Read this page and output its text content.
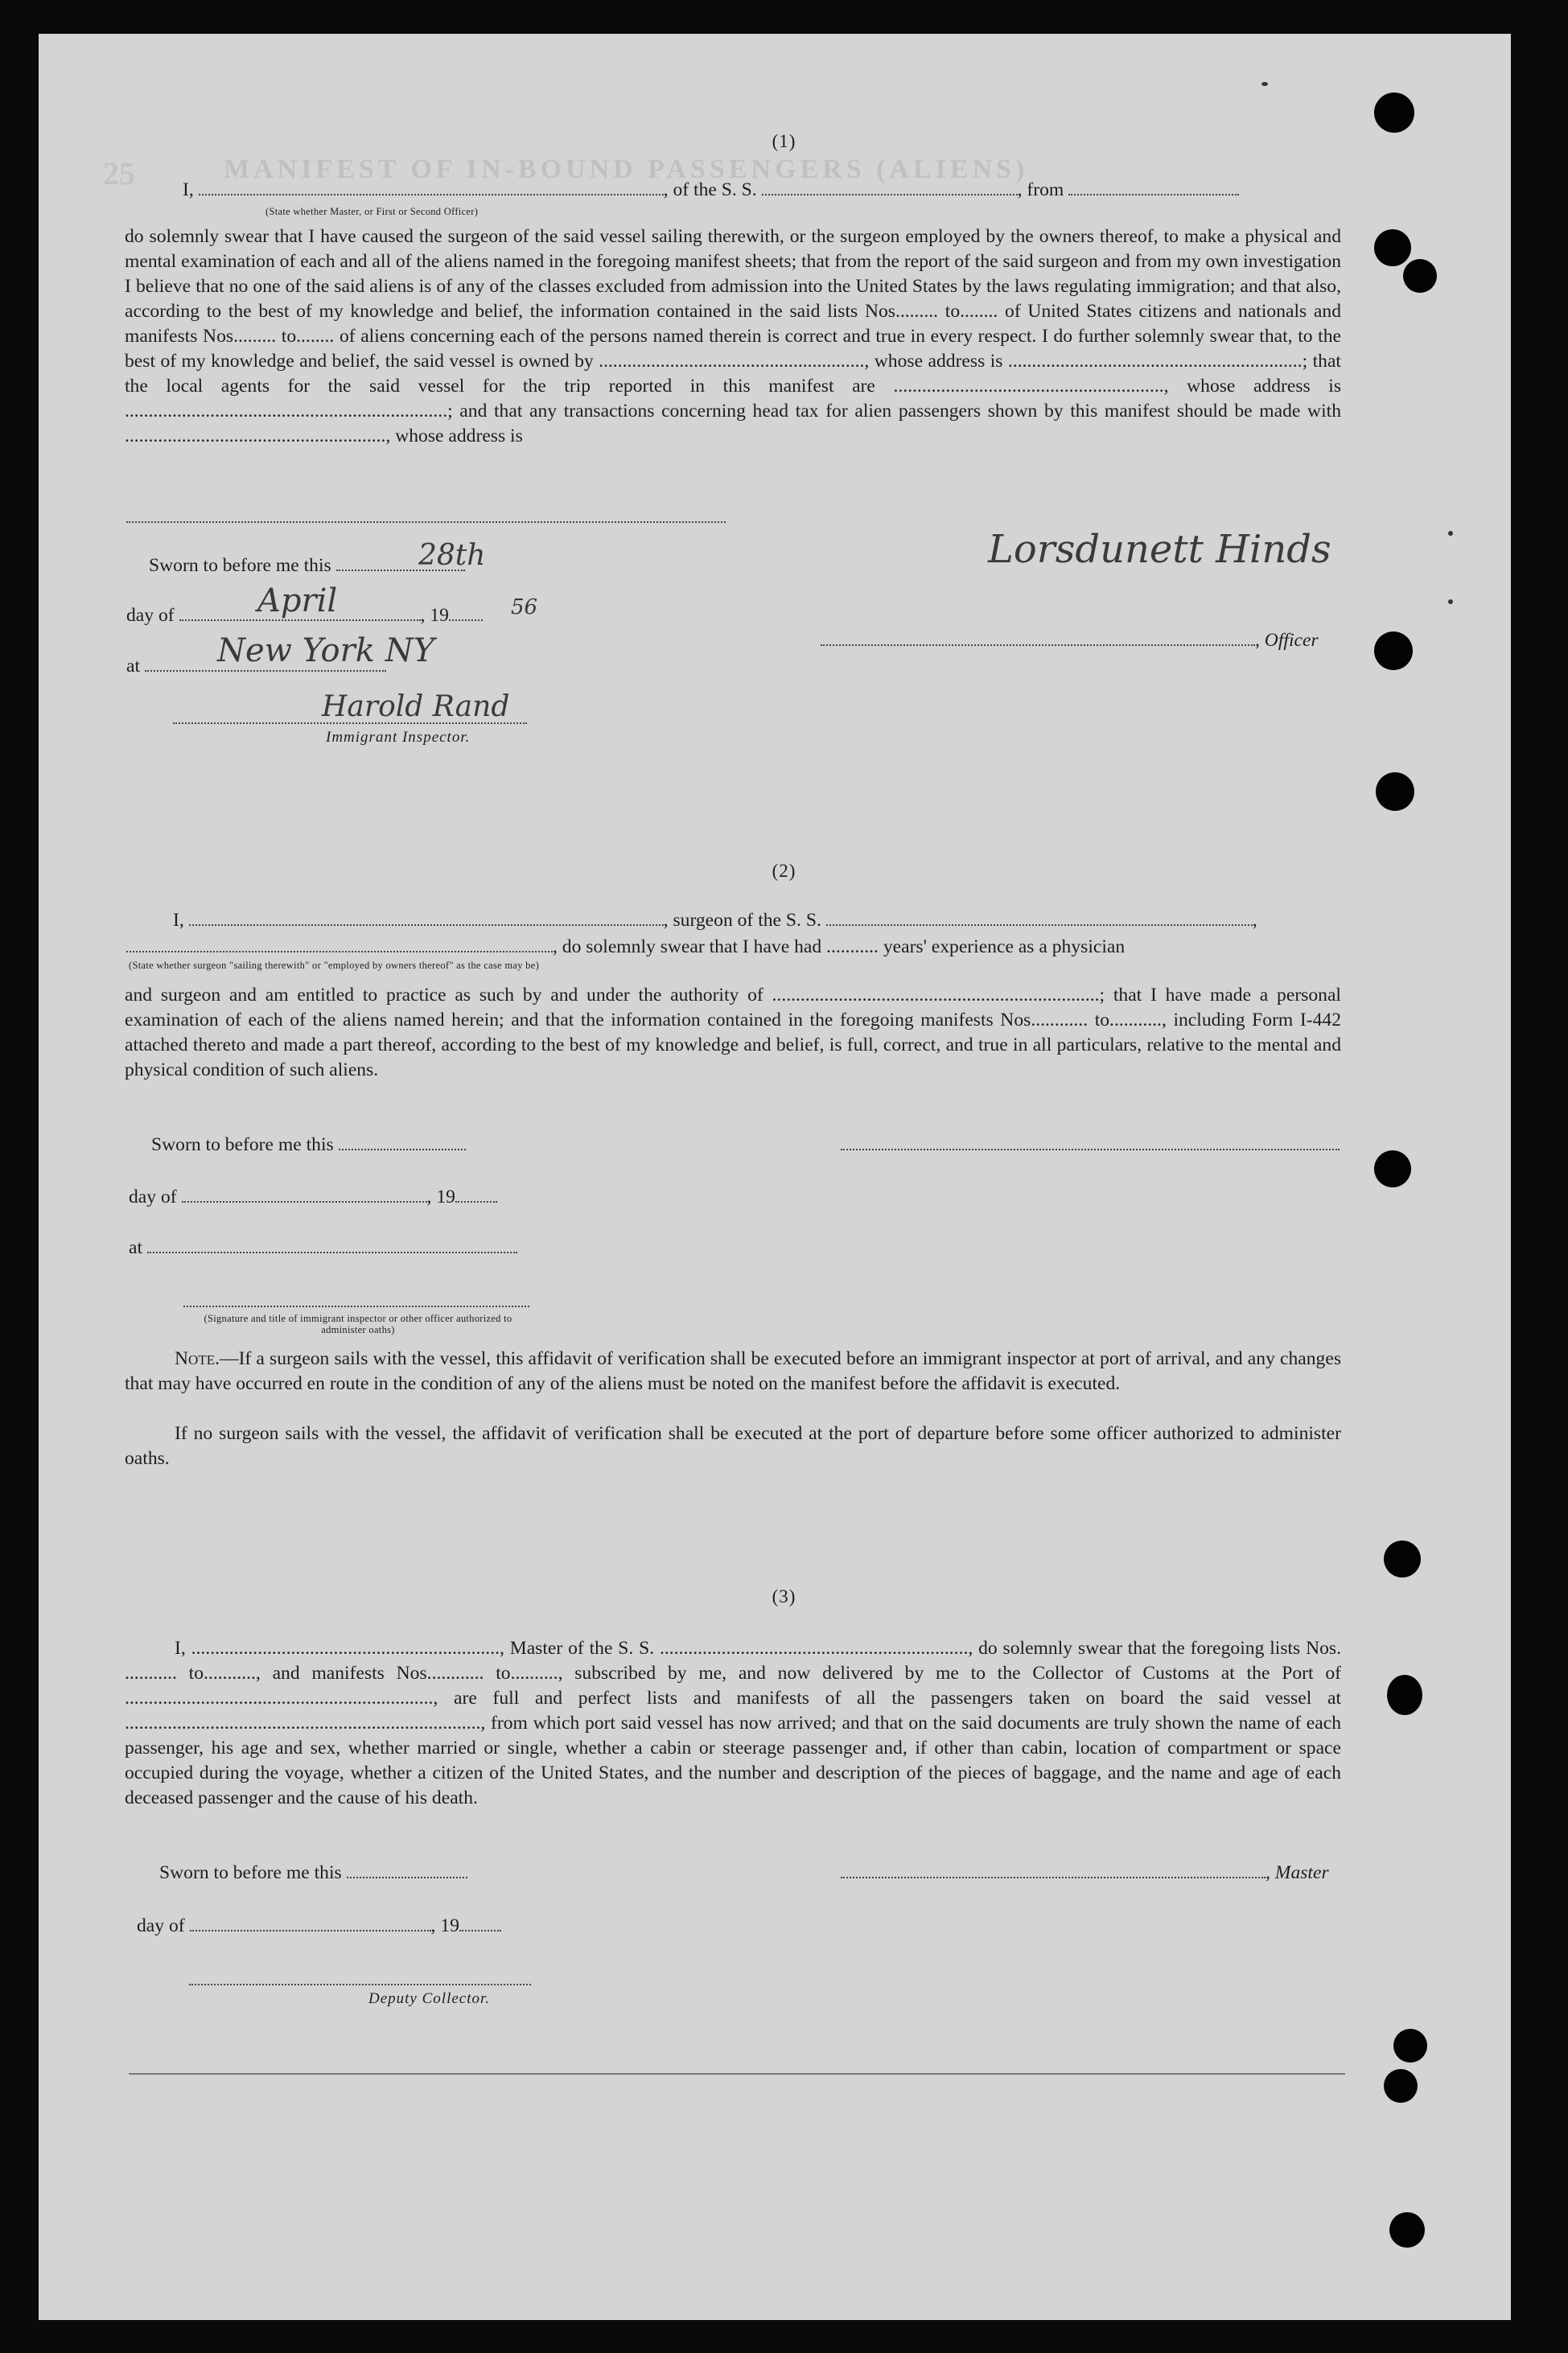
25	MANIFEST OF IN-BOUND PASSENGERS (ALIENS)
(1)
I,	, of the S. S.	, from
(State whether Master, or First or Second Officer)
do solemnly swear that I have caused the surgeon of the said vessel sailing therewith, or the surgeon employed by the owners thereof, to make a physical and mental examination of each and all of the aliens named in the foregoing manifest sheets; that from the report of the said surgeon and from my own investigation I believe that no one of the said aliens is of any of the classes excluded from admission into the United States by the laws regulating immigration; and that also, according to the best of my knowledge and belief, the information contained in the said lists Nos......... to........ of United States citizens and nationals and manifests Nos......... to........ of aliens concerning each of the persons named therein is correct and true in every respect. I do further solemnly swear that, to the best of my knowledge and belief, the said vessel is owned by ........................................................, whose address is ..............................................................; that the local agents for the said vessel for the trip reported in this manifest are ........................................................., whose address is ....................................................................; and that any transactions concerning head tax for alien passengers shown by this manifest should be made with ......................................................., whose address is
Sworn to before me this	28th
day of	, 19
April	56
at	New York NY
Harold Rand
Immigrant Inspector.
Lorsdunett Hinds
, Officer
(2)
I,	, surgeon of the S. S.	,
, do solemnly swear that I have had ........... years' experience as a physician
(State whether surgeon "sailing therewith" or "employed by owners thereof" as the case may be)
and surgeon and am entitled to practice as such by and under the authority of .....................................................................; that I have made a personal examination of each of the aliens named herein; and that the information contained in the foregoing manifests Nos............ to..........., including Form I-442 attached thereto and made a part thereof, according to the best of my knowledge and belief, is full, correct, and true in all particulars, relative to the mental and physical condition of such aliens.
Sworn to before me this
day of	, 19
at
(Signature and title of immigrant inspector or other officer authorized to administer oaths)
Note.—If a surgeon sails with the vessel, this affidavit of verification shall be executed before an immigrant inspector at port of arrival, and any changes that may have occurred en route in the condition of any of the aliens must be noted on the manifest before the affidavit is executed.
If no surgeon sails with the vessel, the affidavit of verification shall be executed at the port of departure before some officer authorized to administer oaths.
(3)
I, ................................................................., Master of the S. S. ................................................................., do solemnly swear that the foregoing lists Nos. ........... to..........., and manifests Nos............ to.........., subscribed by me, and now delivered by me to the Collector of Customs at the Port of ................................................................., are full and perfect lists and manifests of all the passengers taken on board the said vessel at ..........................................................................., from which port said vessel has now arrived; and that on the said documents are truly shown the name of each passenger, his age and sex, whether married or single, whether a cabin or steerage passenger and, if other than cabin, location of compartment or space occupied during the voyage, whether a citizen of the United States, and the number and description of the pieces of baggage, and the name and age of each deceased passenger and the cause of his death.
Sworn to before me this	, Master
day of	, 19
Deputy Collector.
